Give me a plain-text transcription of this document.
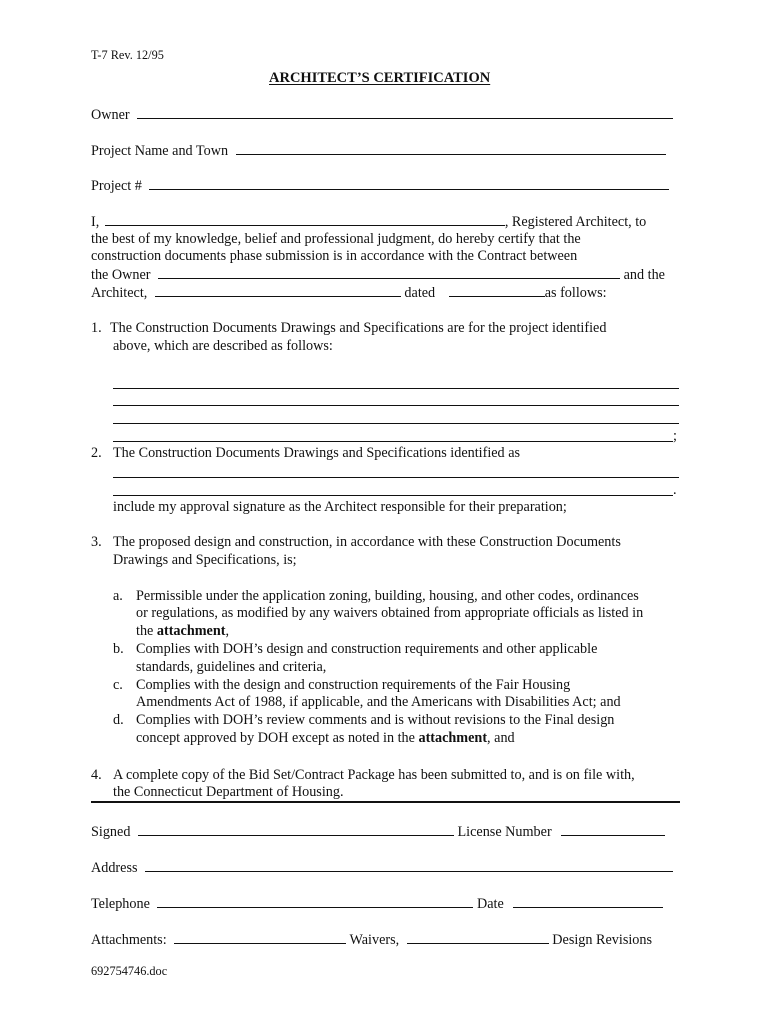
T-7 Rev. 12/95
ARCHITECT’S CERTIFICATION
Owner
Project Name and Town
Project #
I,	, Registered Architect, to
the best of my knowledge, belief and professional judgment, do hereby certify that the
construction documents phase submission is in accordance with the Contract between
the Owner	and the
Architect,	dated	as follows:
1. The Construction Documents Drawings and Specifications are for the project identified
above, which are described as follows:
;
2. The Construction Documents Drawings and Specifications identified as
.
include my approval signature as the Architect responsible for their preparation;
3. The proposed design and construction, in accordance with these Construction Documents
Drawings and Specifications, is;
a. Permissible under the application zoning, building, housing, and other codes, ordinances
or regulations, as modified by any waivers obtained from appropriate officials as listed in
the attachment,
b. Complies with DOH’s design and construction requirements and other applicable
standards, guidelines and criteria,
c. Complies with the design and construction requirements of the Fair Housing
Amendments Act of 1988, if applicable, and the Americans with Disabilities Act; and
d. Complies with DOH’s review comments and is without revisions to the Final design
concept approved by DOH except as noted in the attachment, and
4. A complete copy of the Bid Set/Contract Package has been submitted to, and is on file with,
the Connecticut Department of Housing.
Signed	License Number
Address
Telephone	Date
Attachments:	Waivers,	Design Revisions
692754746.doc
